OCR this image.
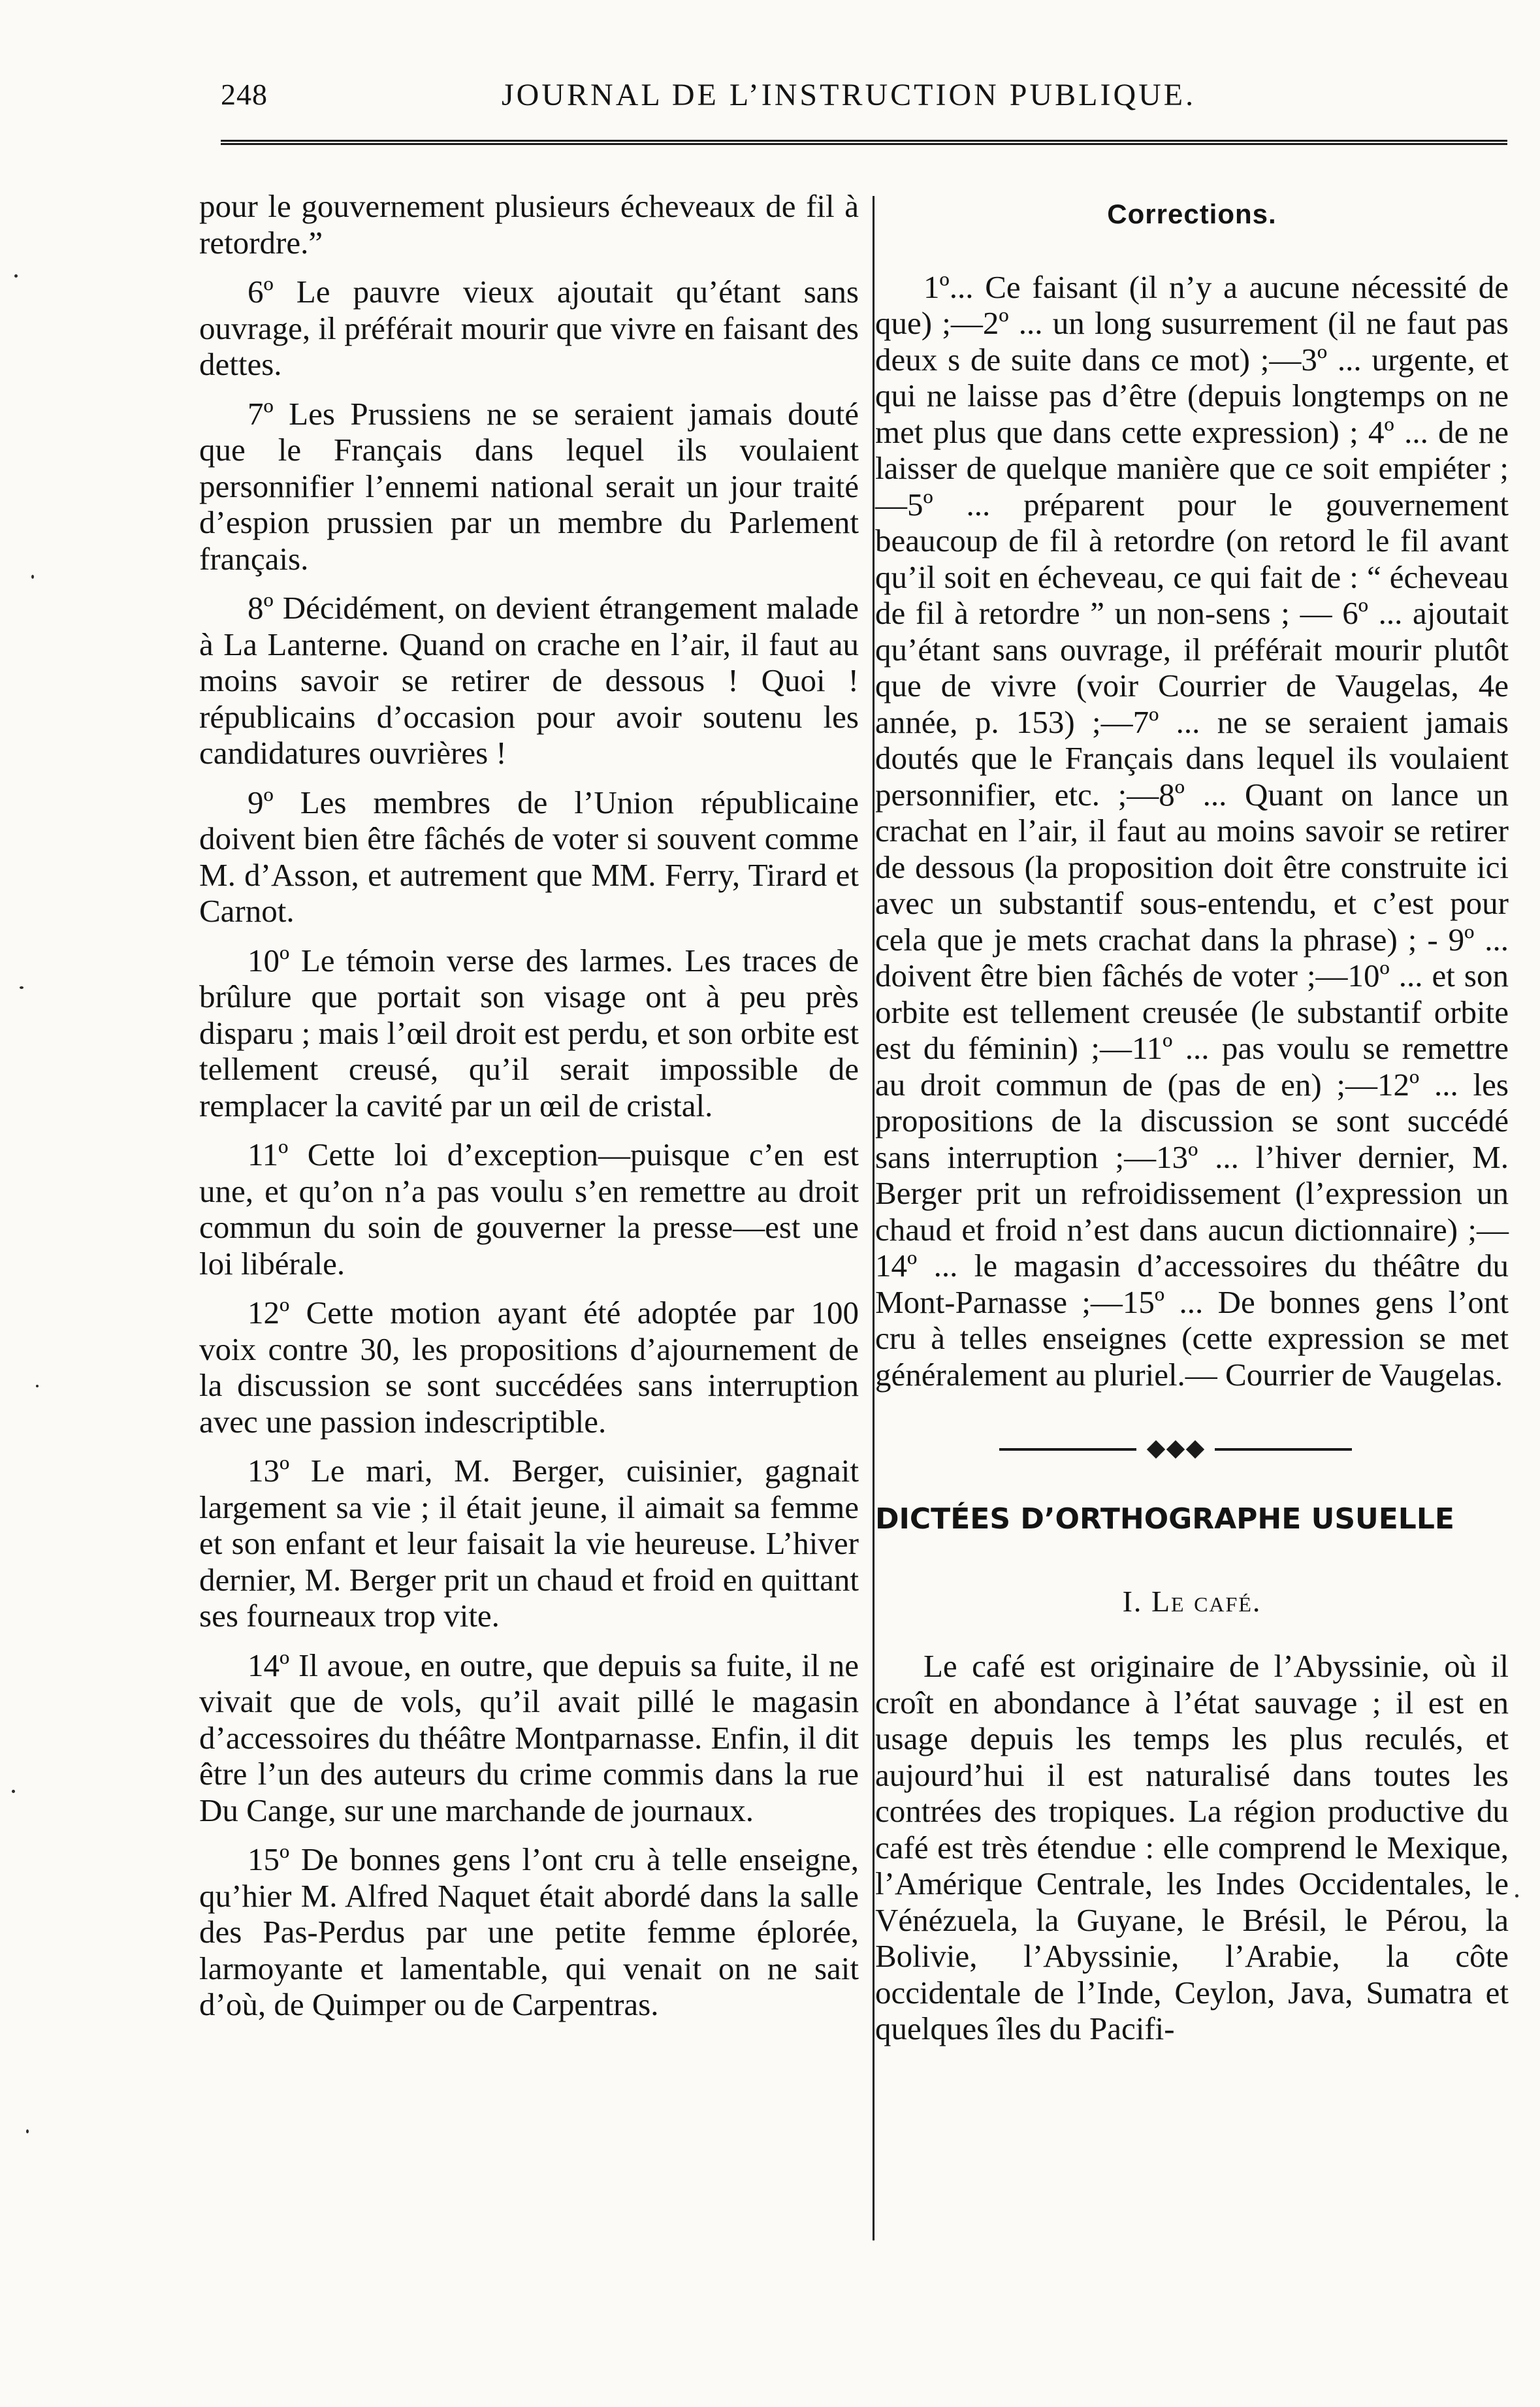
248	JOURNAL DE L’INSTRUCTION PUBLIQUE.

pour le gouvernement plusieurs écheveaux de fil à retordre.”

6º Le pauvre vieux ajoutait qu’étant sans ouvrage, il préférait mourir que vivre en faisant des dettes.

7º Les Prussiens ne se seraient jamais douté que le Français dans lequel ils voulaient personnifier l’ennemi national serait un jour traité d’espion prussien par un membre du Parlement français.

8º Décidément, on devient étrangement malade à La Lanterne. Quand on crache en l’air, il faut au moins savoir se retirer de dessous ! Quoi ! républicains d’occasion pour avoir soutenu les candidatures ouvrières !

9º Les membres de l’Union républicaine doivent bien être fâchés de voter si souvent comme M. d’Asson, et autrement que MM. Ferry, Tirard et Carnot.

10º Le témoin verse des larmes. Les traces de brûlure que portait son visage ont à peu près disparu ; mais l’œil droit est perdu, et son orbite est tellement creusé, qu’il serait impossible de remplacer la cavité par un œil de cristal.

11º Cette loi d’exception—puisque c’en est une, et qu’on n’a pas voulu s’en remettre au droit commun du soin de gouverner la presse—est une loi libérale.

12º Cette motion ayant été adoptée par 100 voix contre 30, les propositions d’ajournement de la discussion se sont succédées sans interruption avec une passion indescriptible.

13º Le mari, M. Berger, cuisinier, gagnait largement sa vie ; il était jeune, il aimait sa femme et son enfant et leur faisait la vie heureuse. L’hiver dernier, M. Berger prit un chaud et froid en quittant ses fourneaux trop vite.

14º Il avoue, en outre, que depuis sa fuite, il ne vivait que de vols, qu’il avait pillé le magasin d’accessoires du théâtre Montparnasse. Enfin, il dit être l’un des auteurs du crime commis dans la rue Du Cange, sur une marchande de journaux.

15º De bonnes gens l’ont cru à telle enseigne, qu’hier M. Alfred Naquet était abordé dans la salle des Pas-Perdus par une petite femme éplorée, larmoyante et lamentable, qui venait on ne sait d’où, de Quimper ou de Carpentras.

Corrections.

1º... Ce faisant (il n’y a aucune nécessité de que) ;—2º ... un long susurrement (il ne faut pas deux s de suite dans ce mot) ;—3º ... urgente, et qui ne laisse pas d’être (depuis longtemps on ne met plus que dans cette expression) ; 4º ... de ne laisser de quelque manière que ce soit empiéter ;—5º ... préparent pour le gouvernement beaucoup de fil à retordre (on retord le fil avant qu’il soit en écheveau, ce qui fait de : “ écheveau de fil à retordre ” un non-sens ; — 6º ... ajoutait qu’étant sans ouvrage, il préférait mourir plutôt que de vivre (voir Courrier de Vaugelas, 4e année, p. 153) ;—7º ... ne se seraient jamais doutés que le Français dans lequel ils voulaient personnifier, etc. ;—8º ... Quant on lance un crachat en l’air, il faut au moins savoir se retirer de dessous (la proposition doit être construite ici avec un substantif sous-entendu, et c’est pour cela que je mets crachat dans la phrase) ; - 9º ... doivent être bien fâchés de voter ;—10º ... et son orbite est tellement creusée (le substantif orbite est du féminin) ;—11º ... pas voulu se remettre au droit commun de (pas de en) ;—12º ... les propositions de la discussion se sont succédé sans interruption ;—13º ... l’hiver dernier, M. Berger prit un refroidissement (l’expression un chaud et froid n’est dans aucun dictionnaire) ;—14º ... le magasin d’accessoires du théâtre du Mont-Parnasse ;—15º ... De bonnes gens l’ont cru à telles enseignes (cette expression se met généralement au pluriel.— Courrier de Vaugelas.

DICTÉES D’ORTHOGRAPHE USUELLE
I. Le café.

Le café est originaire de l’Abyssinie, où il croît en abondance à l’état sauvage ; il est en usage depuis les temps les plus reculés, et aujourd’hui il est naturalisé dans toutes les contrées des tropiques. La région productive du café est très étendue : elle comprend le Mexique, l’Amérique Centrale, les Indes Occidentales, le Vénézuela, la Guyane, le Brésil, le Pérou, la Bolivie, l’Abyssinie, l’Arabie, la côte occidentale de l’Inde, Ceylon, Java, Sumatra et quelques îles du Pacifi-
